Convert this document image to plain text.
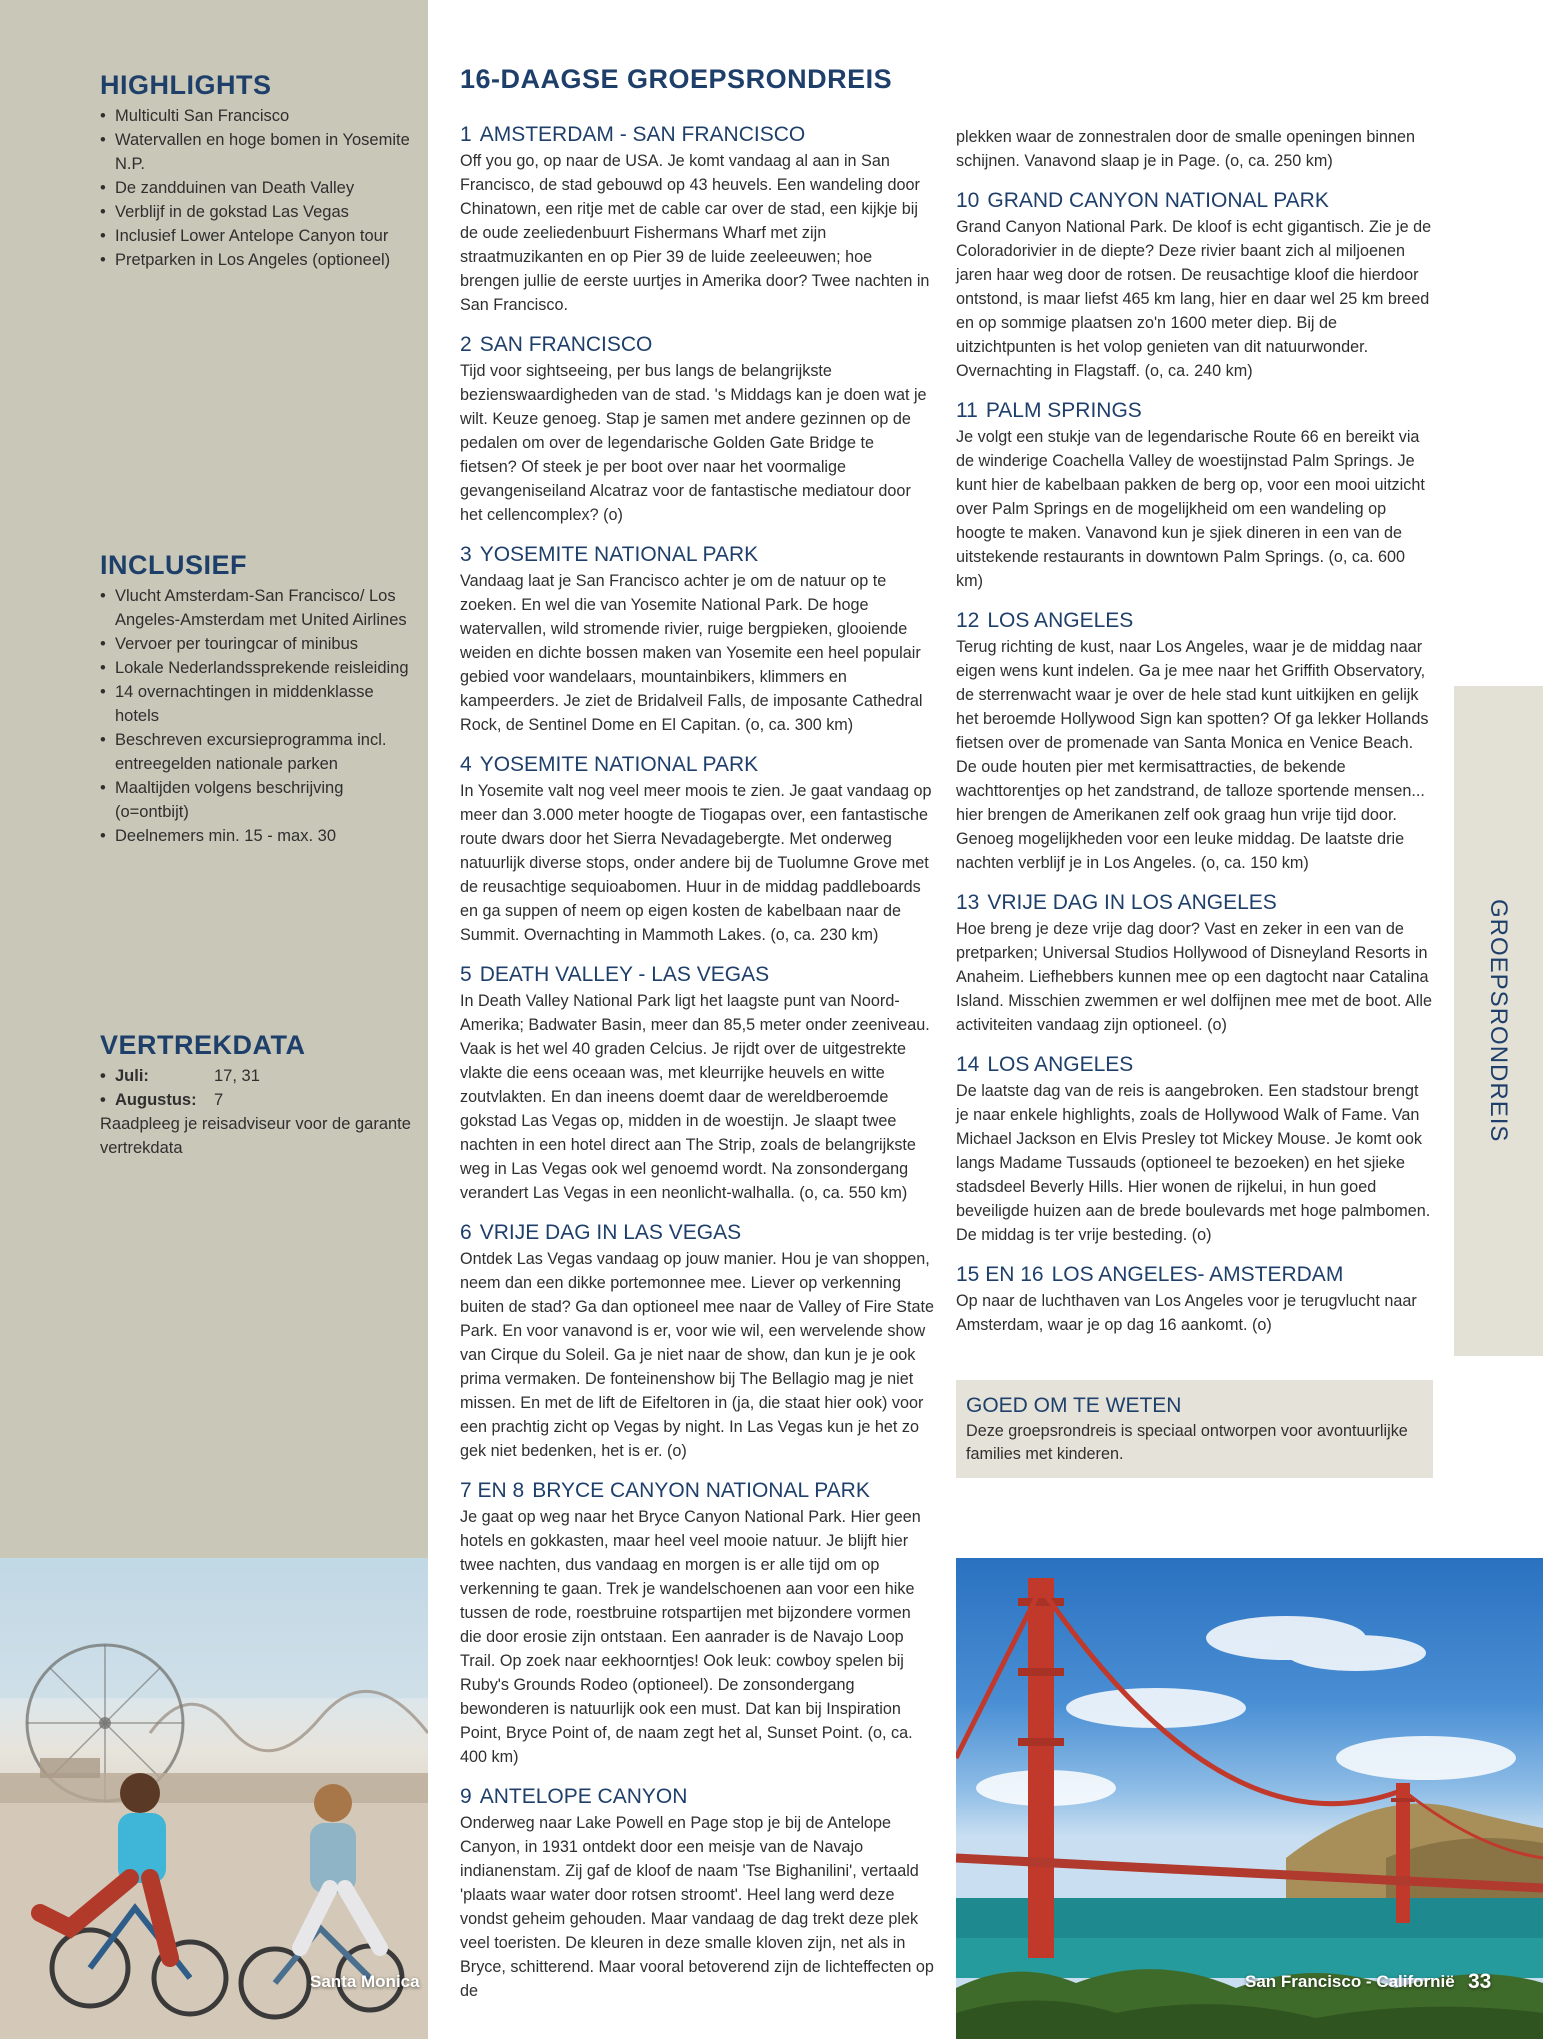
HIGHLIGHTS
• Multiculti San Francisco
• Watervallen en hoge bomen in Yosemite N.P.
• De zandduinen van Death Valley
• Verblijf in de gokstad Las Vegas
• Inclusief Lower Antelope Canyon tour
• Pretparken in Los Angeles (optioneel)
INCLUSIEF
• Vlucht Amsterdam-San Francisco/ Los Angeles-Amsterdam met United Airlines
• Vervoer per touringcar of minibus
• Lokale Nederlandssprekende reisleiding
• 14 overnachtingen in middenklasse hotels
• Beschreven excursieprogramma incl. entreegelden nationale parken
• Maaltijden volgens beschrijving (o=ontbijt)
• Deelnemers min. 15 - max. 30
VERTREKDATA
• Juli:	17, 31
• Augustus:	7

Raadpleeg je reisadviseur voor de garante vertrekdata

Santa Monica
16-DAAGSE GROEPSRONDREIS
1 AMSTERDAM - SAN FRANCISCO

Off you go, op naar de USA. Je komt vandaag al aan in San Francisco, de stad gebouwd op 43 heuvels. Een wandeling door Chinatown, een ritje met de cable car over de stad, een kijkje bij de oude zeeliedenbuurt Fishermans Wharf met zijn straatmuzikanten en op Pier 39 de luide zeeleeuwen; hoe brengen jullie de eerste uurtjes in Amerika door? Twee nachten in San Francisco.

2 SAN FRANCISCO

Tijd voor sightseeing, per bus langs de belangrijkste bezienswaardigheden van de stad. 's Middags kan je doen wat je wilt. Keuze genoeg. Stap je samen met andere gezinnen op de pedalen om over de legendarische Golden Gate Bridge te fietsen? Of steek je per boot over naar het voormalige gevangeniseiland Alcatraz voor de fantastische mediatour door het cellencomplex? (o)

3 YOSEMITE NATIONAL PARK

Vandaag laat je San Francisco achter je om de natuur op te zoeken. En wel die van Yosemite National Park. De hoge watervallen, wild stromende rivier, ruige bergpieken, glooiende weiden en dichte bossen maken van Yosemite een heel populair gebied voor wandelaars, mountainbikers, klimmers en kampeerders. Je ziet de Bridalveil Falls, de imposante Cathedral Rock, de Sentinel Dome en El Capitan. (o, ca. 300 km)

4 YOSEMITE NATIONAL PARK

In Yosemite valt nog veel meer moois te zien. Je gaat vandaag op meer dan 3.000 meter hoogte de Tiogapas over, een fantastische route dwars door het Sierra Nevadagebergte. Met onderweg natuurlijk diverse stops, onder andere bij de Tuolumne Grove met de reusachtige sequioabomen. Huur in de middag paddleboards en ga suppen of neem op eigen kosten de kabelbaan naar de Summit. Overnachting in Mammoth Lakes. (o, ca. 230 km)

5 DEATH VALLEY - LAS VEGAS

In Death Valley National Park ligt het laagste punt van Noord-Amerika; Badwater Basin, meer dan 85,5 meter onder zeeniveau. Vaak is het wel 40 graden Celcius. Je rijdt over de uitgestrekte vlakte die eens oceaan was, met kleurrijke heuvels en witte zoutvlakten. En dan ineens doemt daar de wereldberoemde gokstad Las Vegas op, midden in de woestijn. Je slaapt twee nachten in een hotel direct aan The Strip, zoals de belangrijkste weg in Las Vegas ook wel genoemd wordt. Na zonsondergang verandert Las Vegas in een neonlicht-walhalla. (o, ca. 550 km)

6 VRIJE DAG IN LAS VEGAS

Ontdek Las Vegas vandaag op jouw manier. Hou je van shoppen, neem dan een dikke portemonnee mee. Liever op verkenning buiten de stad? Ga dan optioneel mee naar de Valley of Fire State Park. En voor vanavond is er, voor wie wil, een wervelende show van Cirque du Soleil. Ga je niet naar de show, dan kun je je ook prima vermaken. De fonteinenshow bij The Bellagio mag je niet missen. En met de lift de Eifeltoren in (ja, die staat hier ook) voor een prachtig zicht op Vegas by night. In Las Vegas kun je het zo gek niet bedenken, het is er. (o)

7 EN 8 BRYCE CANYON NATIONAL PARK

Je gaat op weg naar het Bryce Canyon National Park. Hier geen hotels en gokkasten, maar heel veel mooie natuur. Je blijft hier twee nachten, dus vandaag en morgen is er alle tijd om op verkenning te gaan. Trek je wandelschoenen aan voor een hike tussen de rode, roestbruine rotspartijen met bijzondere vormen die door erosie zijn ontstaan. Een aanrader is de Navajo Loop Trail. Op zoek naar eekhoorntjes! Ook leuk: cowboy spelen bij Ruby's Grounds Rodeo (optioneel). De zonsondergang bewonderen is natuurlijk ook een must. Dat kan bij Inspiration Point, Bryce Point of, de naam zegt het al, Sunset Point. (o, ca. 400 km)

9 ANTELOPE CANYON

Onderweg naar Lake Powell en Page stop je bij de Antelope Canyon, in 1931 ontdekt door een meisje van de Navajo indianenstam. Zij gaf de kloof de naam 'Tse Bighanilini', vertaald 'plaats waar water door rotsen stroomt'. Heel lang werd deze vondst geheim gehouden. Maar vandaag de dag trekt deze plek veel toeristen. De kleuren in deze smalle kloven zijn, net als in Bryce, schitterend. Maar vooral betoverend zijn de lichteffecten op de

plekken waar de zonnestralen door de smalle openingen binnen schijnen. Vanavond slaap je in Page. (o, ca. 250 km)

10 GRAND CANYON NATIONAL PARK

Grand Canyon National Park. De kloof is echt gigantisch. Zie je de Coloradorivier in de diepte? Deze rivier baant zich al miljoenen jaren haar weg door de rotsen. De reusachtige kloof die hierdoor ontstond, is maar liefst 465 km lang, hier en daar wel 25 km breed en op sommige plaatsen zo'n 1600 meter diep. Bij de uitzichtpunten is het volop genieten van dit natuurwonder. Overnachting in Flagstaff. (o, ca. 240 km)

11 PALM SPRINGS

Je volgt een stukje van de legendarische Route 66 en bereikt via de winderige Coachella Valley de woestijnstad Palm Springs. Je kunt hier de kabelbaan pakken de berg op, voor een mooi uitzicht over Palm Springs en de mogelijkheid om een wandeling op hoogte te maken. Vanavond kun je sjiek dineren in een van de uitstekende restaurants in downtown Palm Springs. (o, ca. 600 km)

12 LOS ANGELES

Terug richting de kust, naar Los Angeles, waar je de middag naar eigen wens kunt indelen. Ga je mee naar het Griffith Observatory, de sterrenwacht waar je over de hele stad kunt uitkijken en gelijk het beroemde Hollywood Sign kan spotten? Of ga lekker Hollands fietsen over de promenade van Santa Monica en Venice Beach. De oude houten pier met kermisattracties, de bekende wachttorentjes op het zandstrand, de talloze sportende mensen... hier brengen de Amerikanen zelf ook graag hun vrije tijd door. Genoeg mogelijkheden voor een leuke middag. De laatste drie nachten verblijf je in Los Angeles. (o, ca. 150 km)

13 VRIJE DAG IN LOS ANGELES

Hoe breng je deze vrije dag door? Vast en zeker in een van de pretparken; Universal Studios Hollywood of Disneyland Resorts in Anaheim. Liefhebbers kunnen mee op een dagtocht naar Catalina Island. Misschien zwemmen er wel dolfijnen mee met de boot. Alle activiteiten vandaag zijn optioneel. (o)

14 LOS ANGELES

De laatste dag van de reis is aangebroken. Een stadstour brengt je naar enkele highlights, zoals de Hollywood Walk of Fame. Van Michael Jackson en Elvis Presley tot Mickey Mouse. Je komt ook langs Madame Tussauds (optioneel te bezoeken) en het sjieke stadsdeel Beverly Hills. Hier wonen de rijkelui, in hun goed beveiligde huizen aan de brede boulevards met hoge palmbomen. De middag is ter vrije besteding. (o)

15 EN 16 LOS ANGELES- AMSTERDAM

Op naar de luchthaven van Los Angeles voor je terugvlucht naar Amsterdam, waar je op dag 16 aankomt. (o)

GOED OM TE WETEN

Deze groepsrondreis is speciaal ontworpen voor avontuurlijke families met kinderen.

GROEPSRONDREIS
San Francisco - Californië 33
